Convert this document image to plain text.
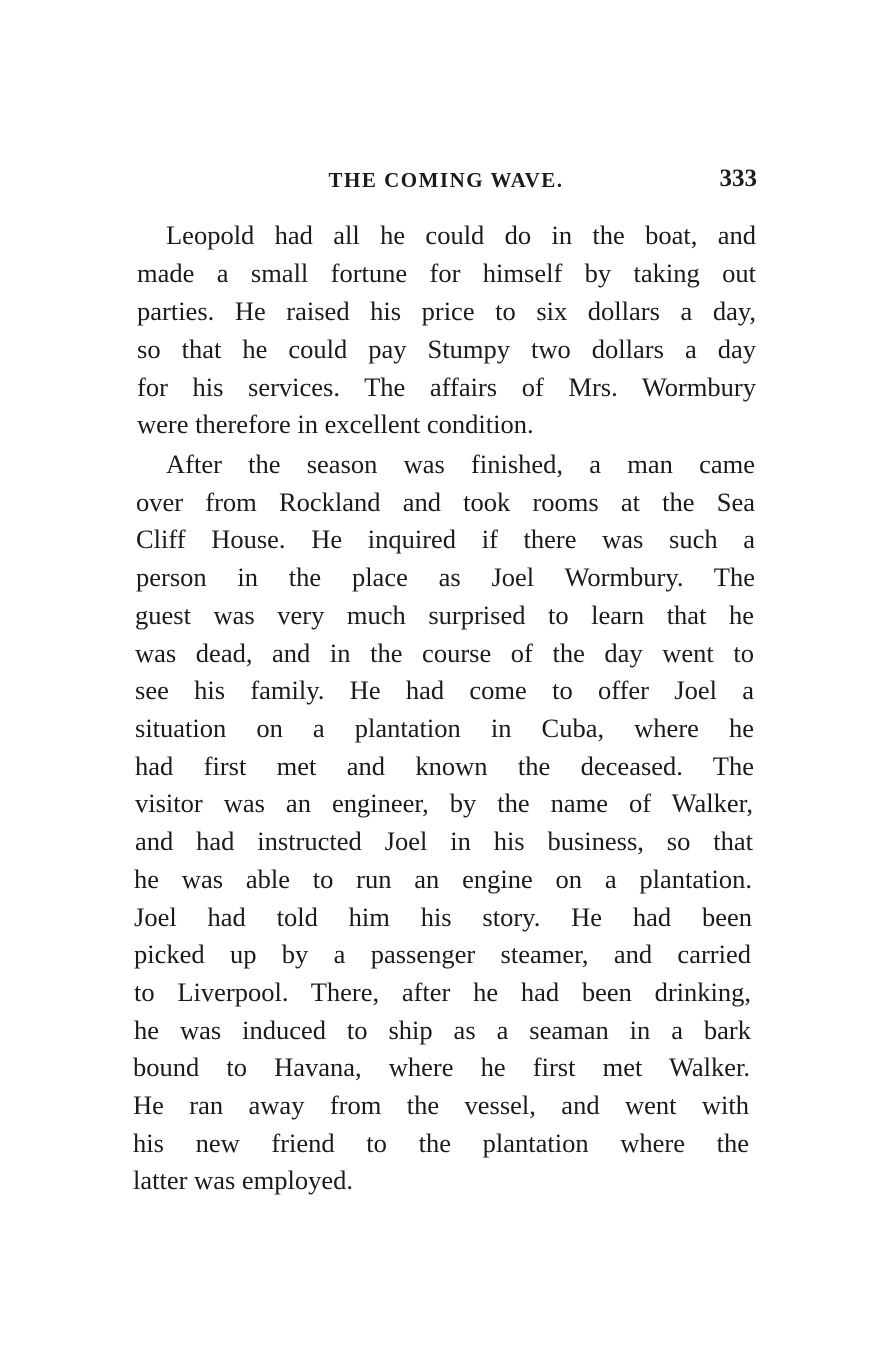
THE COMING WAVE.	333
Leopold had all he could do in the boat, and
made a small fortune for himself by taking out
parties. He raised his price to six dollars a day,
so that he could pay Stumpy two dollars a day
for his services. The affairs of Mrs. Wormbury
were therefore in excellent condition.
After the season was finished, a man came
over from Rockland and took rooms at the Sea
Cliff House. He inquired if there was such a
person in the place as Joel Wormbury. The
guest was very much surprised to learn that he
was dead, and in the course of the day went to
see his family. He had come to offer Joel a
situation on a plantation in Cuba, where he
had first met and known the deceased. The
visitor was an engineer, by the name of Walker,
and had instructed Joel in his business, so that
he was able to run an engine on a plantation.
Joel had told him his story. He had been
picked up by a passenger steamer, and carried
to Liverpool. There, after he had been drinking,
he was induced to ship as a seaman in a bark
bound to Havana, where he first met Walker.
He ran away from the vessel, and went with
his new friend to the plantation where the
latter was employed.
